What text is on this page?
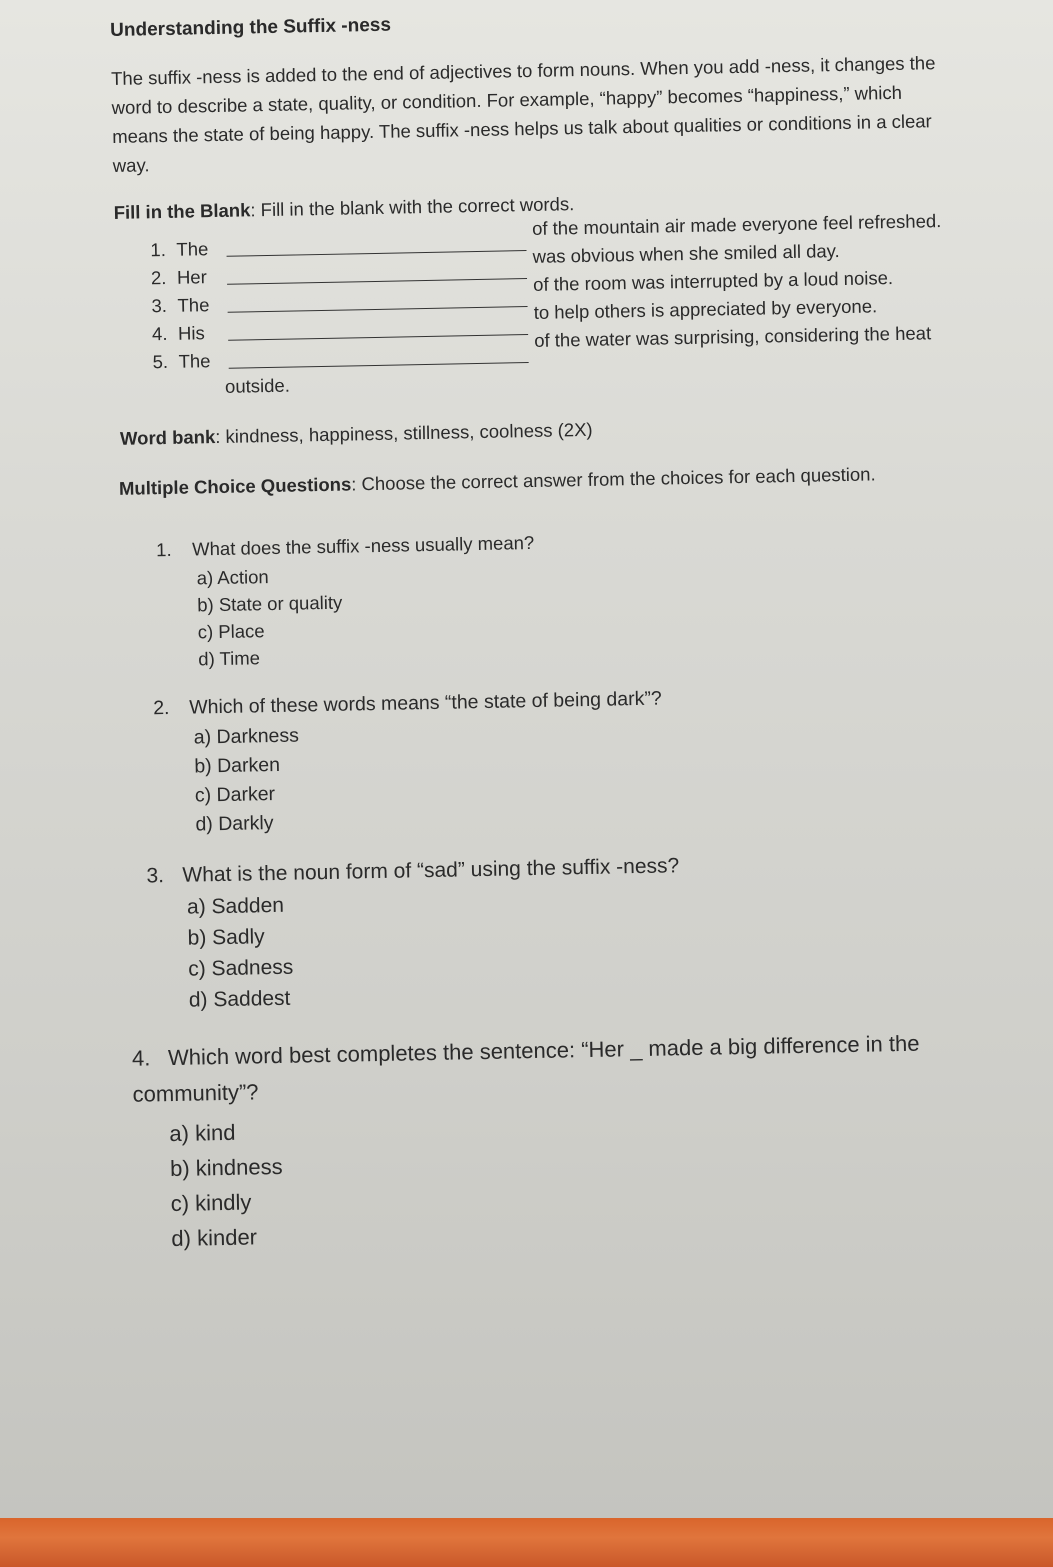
Understanding the Suffix -ness
The suffix -ness is added to the end of adjectives to form nouns. When you add -ness, it changes the word to describe a state, quality, or condition. For example, “happy” becomes “happiness,” which means the state of being happy. The suffix -ness helps us talk about qualities or conditions in a clear way.
Fill in the Blank: Fill in the blank with the correct words.
1. The
of the mountain air made everyone feel refreshed.
2. Her
was obvious when she smiled all day.
3. The
of the room was interrupted by a loud noise.
4. His
to help others is appreciated by everyone.
5. The
of the water was surprising, considering the heat
outside.
Word bank: kindness, happiness, stillness, coolness (2X)
Multiple Choice Questions: Choose the correct answer from the choices for each question.
1. What does the suffix -ness usually mean?
a) Action
b) State or quality
c) Place
d) Time
2. Which of these words means “the state of being dark”?
a) Darkness
b) Darken
c) Darker
d) Darkly
3. What is the noun form of “sad” using the suffix -ness?
a) Sadden
b) Sadly
c) Sadness
d) Saddest
4. Which word best completes the sentence: “Her _ made a big difference in the community”?
a) kind
b) kindness
c) kindly
d) kinder
